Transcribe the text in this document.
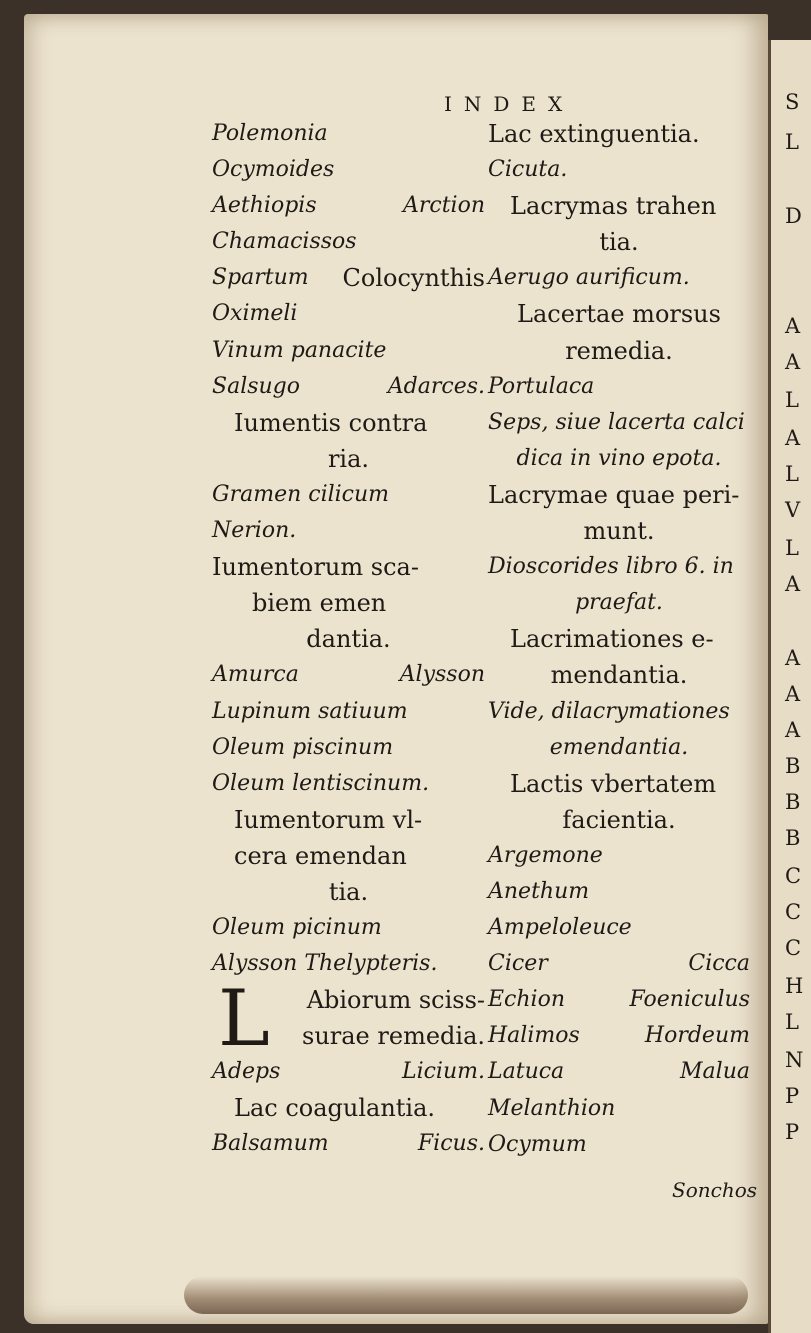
INDEX	S
L
D
A
A
L
A
L
V
L
A
A
A
A
B
B
B
C
C
C
H
L
N
P
P
Polemonia
Ocymoides
Aethiopis	Arction
Chamacissos
Spartum Colocynthis
Oximeli
Vinum panacite
Salsugo	Adarces.
Iumentis contra
ria.
Gramen cilicum
Nerion.
Iumentorum sca-
biem emen
dantia.
Amurca	Alysson
Lupinum satiuum
Oleum piscinum
Oleum lentiscinum.
Iumentorum vl-
cera emendan
tia.
Oleum picinum
Alysson Thelypteris.
L	Abiorum sciss-
surae remedia.
Adeps	Licium.
Lac coagulantia.
Balsamum	Ficus.
Lac extinguentia.
Cicuta.
Lacrymas trahen
tia.
Aerugo aurificum.
Lacertae morsus
remedia.
Portulaca
Seps, siue lacerta calci
dica in vino epota.
Lacrymae quae peri-
munt.
Dioscorides libro 6. in
praefat.
Lacrimationes e-
mendantia.
Vide, dilacrymationes
emendantia.
Lactis vbertatem
facientia.
Argemone
Anethum
Ampeloleuce
Cicer	Cicca
Echion	Foeniculus
Halimos	Hordeum
Latuca	Malua
Melanthion
Ocymum
Sonchos
